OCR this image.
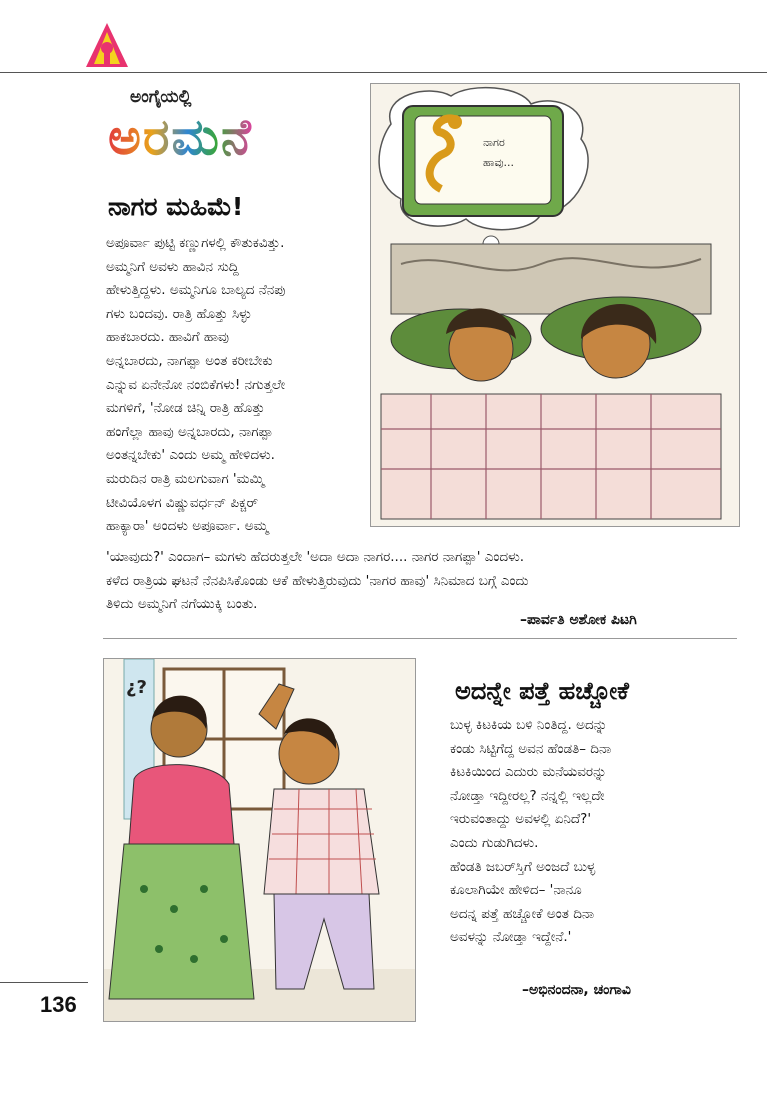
ಅಂಗೈಯಲ್ಲಿ
ಅರಮನೆ
ನಾಗರ ಮಹಿಮೆ!
ಅಪೂರ್ವಾ ಪುಟ್ಟಿ ಕಣ್ಣುಗಳಲ್ಲಿ ಕೌತುಕವಿತ್ತು.
ಅಮ್ಮನಿಗೆ ಅವಳು ಹಾವಿನ ಸುದ್ದಿ
ಹೇಳುತ್ತಿದ್ದಳು. ಅಮ್ಮನಿಗೂ ಬಾಲ್ಯದ ನೆನಪು
ಗಳು ಬಂದವು. ರಾತ್ರಿ ಹೊತ್ತು ಸಿಳ್ಳು
ಹಾಕಬಾರದು. ಹಾವಿಗೆ ಹಾವು
ಅನ್ನಬಾರದು, ನಾಗಪ್ಪಾ ಅಂತ ಕರೀಬೇಕು
ಎನ್ನುವ ಏನೇನೋ ನಂಬಿಕೆಗಳು! ನಗುತ್ತಲೇ
ಮಗಳಿಗೆ, 'ನೋಡ ಚಿನ್ನಿ ರಾತ್ರಿ ಹೊತ್ತು
ಹಂಗೆಲ್ಲಾ ಹಾವು ಅನ್ನಬಾರದು, ನಾಗಪ್ಪಾ
ಅಂತನ್ನಬೇಕು' ಎಂದು ಅಮ್ಮ ಹೇಳಿದಳು.
ಮರುದಿನ ರಾತ್ರಿ ಮಲಗುವಾಗ 'ಮಮ್ಮಿ
ಟೀವಿಯೊಳಗ ವಿಷ್ಣುವರ್ಧನ್ ಪಿಕ್ಚರ್
ಹಾಕ್ಯಾರಾ' ಅಂದಳು ಅಪೂರ್ವಾ. ಅಮ್ಮ
ನಾಗರ
ಹಾವು...
'ಯಾವುದು?' ಎಂದಾಗ– ಮಗಳು ಹೆದರುತ್ತಲೇ 'ಅದಾ ಅದಾ ನಾಗರ.... ನಾಗರ ನಾಗಪ್ಪಾ' ಎಂದಳು.
ಕಳೆದ ರಾತ್ರಿಯ ಘಟನೆ ನೆನಪಿಸಿಕೊಂಡು ಆಕೆ ಹೇಳುತ್ತಿರುವುದು 'ನಾಗರ ಹಾವು' ಸಿನಿಮಾದ ಬಗ್ಗೆ ಎಂದು
ತಿಳಿದು ಅಮ್ಮನಿಗೆ ನಗೆಯುಕ್ಕಿ ಬಂತು.
–ಪಾರ್ವತಿ ಅಶೋಕ ಪಿಟಗಿ
¿?	ಅದನ್ನೇ ಪತ್ತೆ ಹಚ್ಚೋಕೆ
ಬುಳ್ಳ ಕಿಟಕಿಯ ಬಳಿ ನಿಂತಿದ್ದ. ಅದನ್ನು
ಕಂಡು ಸಿಟ್ಟಿಗೆದ್ದ ಅವನ ಹೆಂಡತಿ– ದಿನಾ
ಕಿಟಕಿಯಿಂದ ಎದುರು ಮನೆಯವರನ್ನು
ನೋಡ್ತಾ ಇದ್ದೀರಲ್ಲ? ನನ್ನಲ್ಲಿ ಇಲ್ಲದೇ
ಇರುವಂತಾದ್ದು ಅವಳಲ್ಲಿ ಏನಿದೆ?'
ಎಂದು ಗುಡುಗಿದಳು.
ಹೆಂಡತಿ ಜಬರ್‌ಸ್ತಿಗೆ ಅಂಜದೆ ಬುಳ್ಳ
ಕೂಲಾಗಿಯೇ ಹೇಳಿದ– 'ನಾನೂ
ಅದನ್ನ ಪತ್ತೆ ಹಚ್ಚೋಕೆ ಅಂತ ದಿನಾ
ಅವಳನ್ನು ನೋಡ್ತಾ ಇದ್ದೇನೆ.'
–ಅಭಿನಂದನಾ, ಚಂಗಾವಿ
136
